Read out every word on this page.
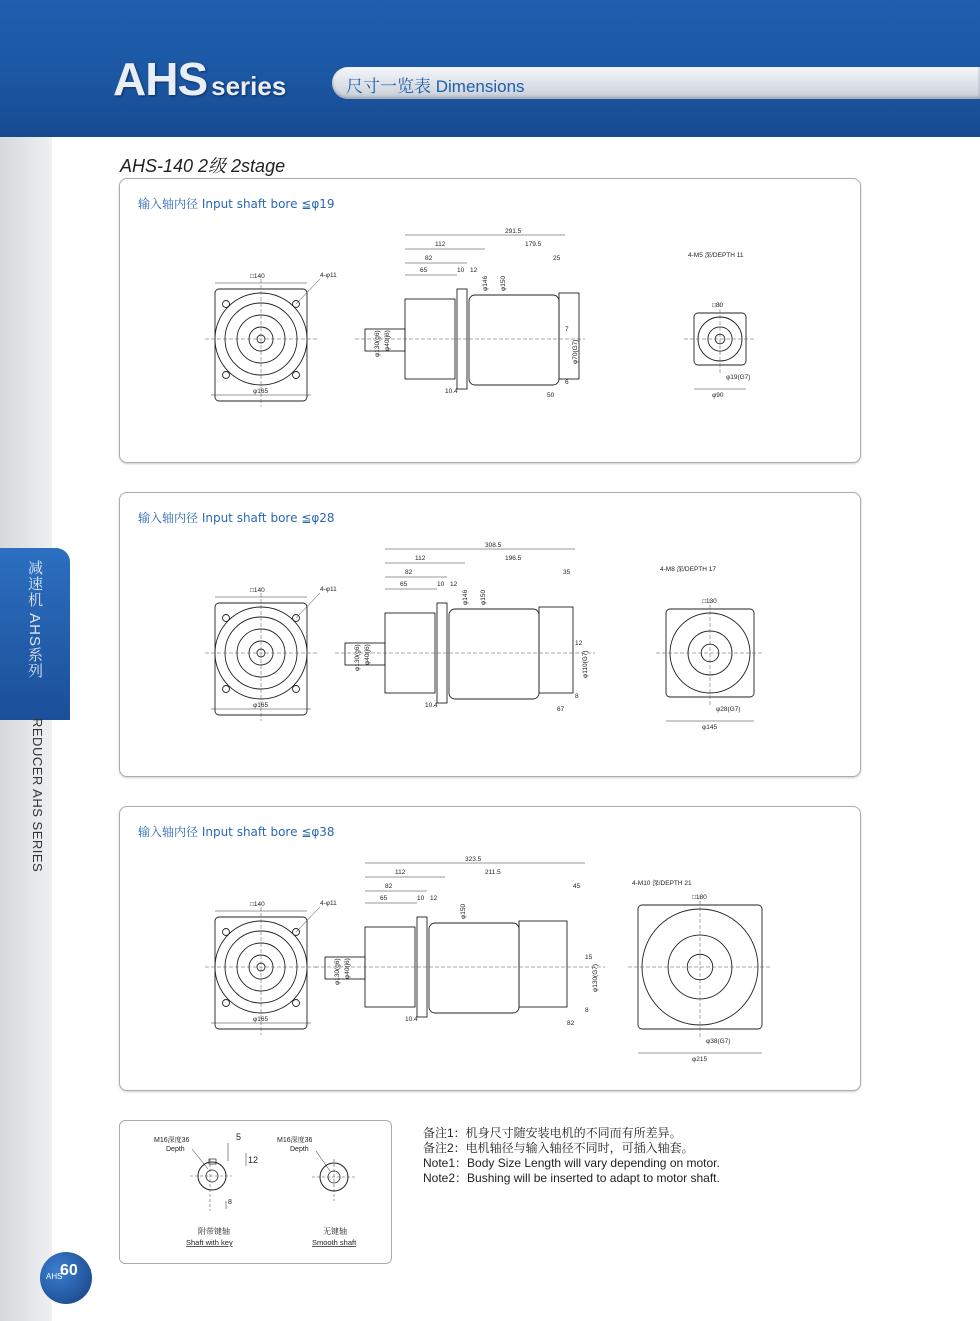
AHS series	尺寸一览表 Dimensions
减速机 AHS系列
REDUCER AHS SERIES
AHS-140 2级 2stage
输入轴内径 Input shaft bore ≦φ19
□140	4-φ11
φ165
291.5
112	179.5
82
65	10 12
25
φ146 φ150
φ130(g6) φ40(j6)
10.4
7
φ70(G7)
6
50
4-M5 深/DEPTH 11
□80
φ19(G7)
φ90
输入轴内径 Input shaft bore ≦φ28
□140	4-φ11
φ165
308.5
112	196.5
82
65	10 12
35
φ146 φ150
φ130(g6) φ40(j6)
10.4
12
φ110(G7)
8
67
4-M8 深/DEPTH 17
□130
φ28(G7)
φ145
输入轴内径 Input shaft bore ≦φ38
□140	4-φ11
φ165
323.5
112	211.5
82
65	10 12
45
φ150
φ130(g6) φ40(j6)
10.4
15
φ130(G7)
8
82
4-M10 深/DEPTH 21
□180
φ38(G7)
φ215
M16深度36
Depth
5
12
8
附带键轴
Shaft with key
M16深度36
Depth
无键轴
Smooth shaft
备注1：机身尺寸随安装电机的不同而有所差异。
备注2：电机轴径与输入轴径不同时，可插入轴套。
Note1：Body Size Length will vary depending on motor.
Note2：Bushing will be inserted to adapt to motor shaft.
60
AHS
